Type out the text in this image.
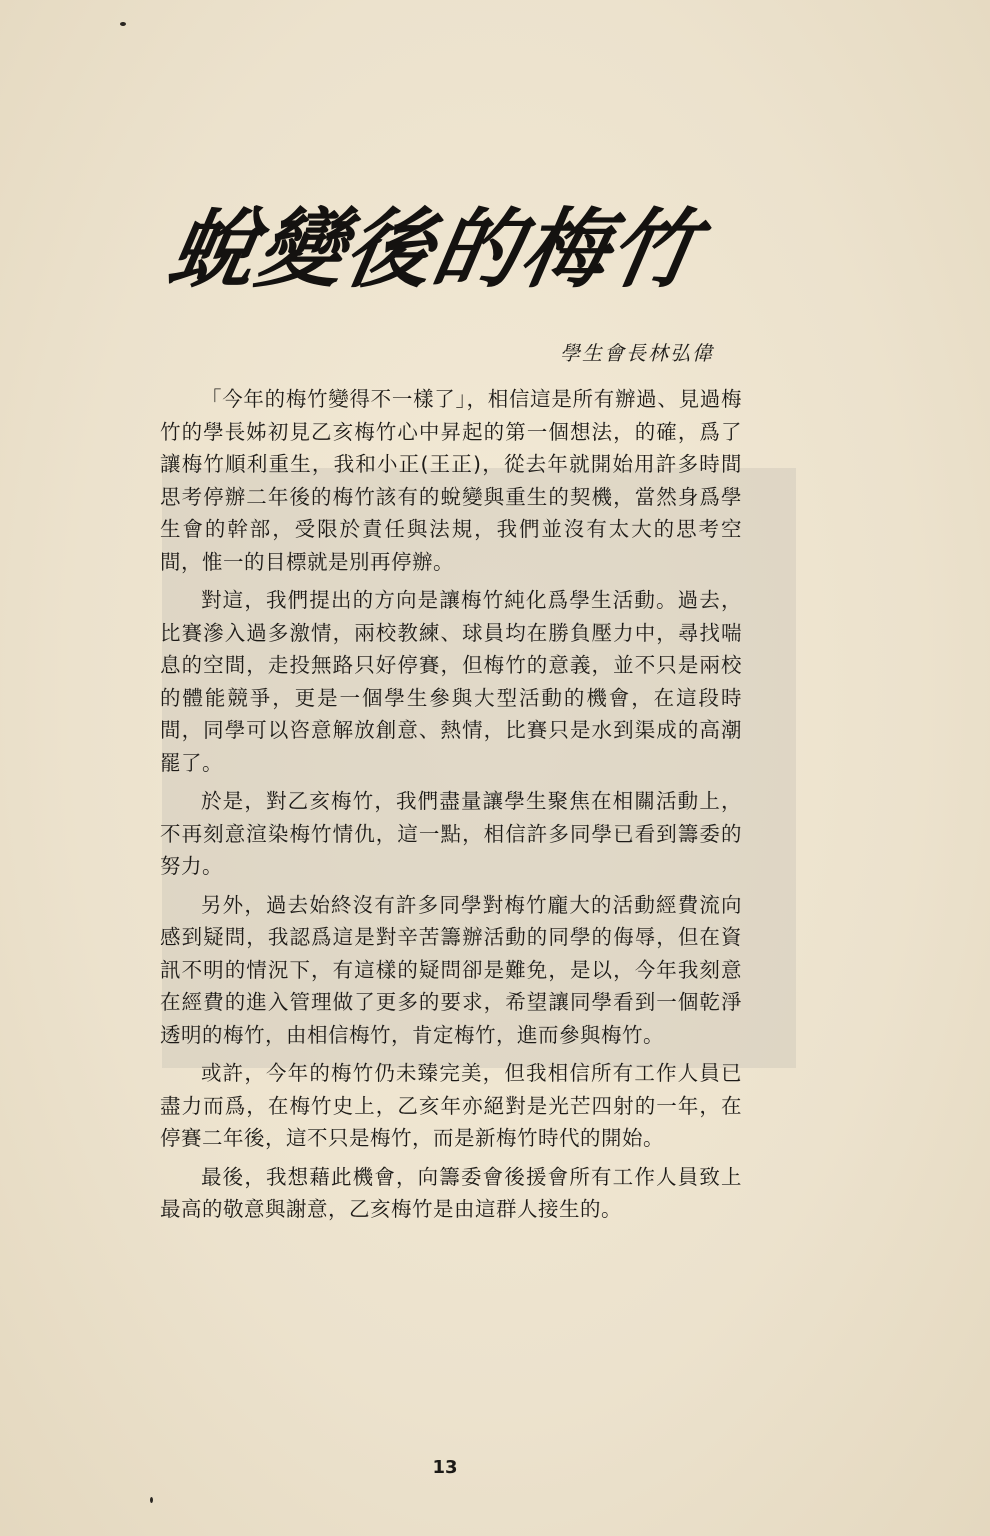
蛻變後的梅竹
學生會長林弘偉

「今年的梅竹變得不一樣了」，相信這是所有辦過、見過梅竹的學長姊初見乙亥梅竹心中昇起的第一個想法，的確，爲了讓梅竹順利重生，我和小正(王正)，從去年就開始用許多時間思考停辦二年後的梅竹該有的蛻變與重生的契機，當然身爲學生會的幹部，受限於責任與法規，我們並沒有太大的思考空間，惟一的目標就是別再停辦。

對這，我們提出的方向是讓梅竹純化爲學生活動。過去，比賽滲入過多激情，兩校教練、球員均在勝負壓力中，尋找喘息的空間，走投無路只好停賽，但梅竹的意義，並不只是兩校的體能競爭，更是一個學生參與大型活動的機會，在這段時間，同學可以咨意解放創意、熱情，比賽只是水到渠成的高潮罷了。

於是，對乙亥梅竹，我們盡量讓學生聚焦在相關活動上，不再刻意渲染梅竹情仇，這一點，相信許多同學已看到籌委的努力。

另外，過去始終沒有許多同學對梅竹龐大的活動經費流向感到疑問，我認爲這是對辛苦籌辦活動的同學的侮辱，但在資訊不明的情況下，有這樣的疑問卻是難免，是以，今年我刻意在經費的進入管理做了更多的要求，希望讓同學看到一個乾淨透明的梅竹，由相信梅竹，肯定梅竹，進而參與梅竹。

或許，今年的梅竹仍未臻完美，但我相信所有工作人員已盡力而爲，在梅竹史上，乙亥年亦絕對是光芒四射的一年，在停賽二年後，這不只是梅竹，而是新梅竹時代的開始。

最後，我想藉此機會，向籌委會後援會所有工作人員致上最高的敬意與謝意，乙亥梅竹是由這群人接生的。

13
